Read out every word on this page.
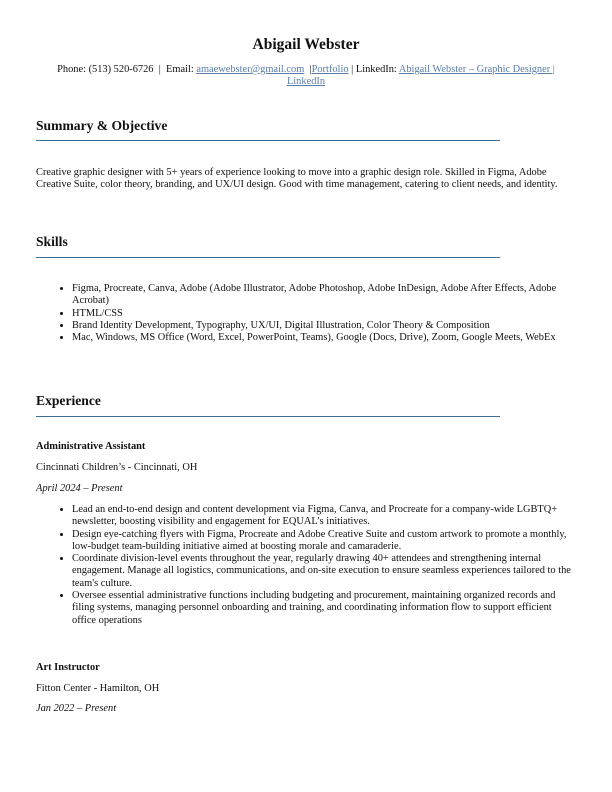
Abigail Webster
Phone: (513) 520-6726 | Email: amaewebster@gmail.com |Portfolio | LinkedIn: Abigail Webster – Graphic Designer | LinkedIn
Summary & Objective
Creative graphic designer with 5+ years of experience looking to move into a graphic design role. Skilled in Figma, Adobe Creative Suite, color theory, branding, and UX/UI design. Good with time management, catering to client needs, and identity.
Skills
• Figma, Procreate, Canva, Adobe (Adobe Illustrator, Adobe Photoshop, Adobe InDesign, Adobe After Effects, Adobe Acrobat)
• HTML/CSS
• Brand Identity Development, Typography, UX/UI, Digital Illustration, Color Theory & Composition
• Mac, Windows, MS Office (Word, Excel, PowerPoint, Teams), Google (Docs, Drive), Zoom, Google Meets, WebEx
Experience
Administrative Assistant
Cincinnati Children’s - Cincinnati, OH
April 2024 – Present
• Lead an end-to-end design and content development via Figma, Canva, and Procreate for a company-wide LGBTQ+ newsletter, boosting visibility and engagement for EQUAL’s initiatives.
• Design eye-catching flyers with Figma, Procreate and Adobe Creative Suite and custom artwork to promote a monthly, low-budget team-building initiative aimed at boosting morale and camaraderie.
• Coordinate division-level events throughout the year, regularly drawing 40+ attendees and strengthening internal engagement. Manage all logistics, communications, and on-site execution to ensure seamless experiences tailored to the team's culture.
• Oversee essential administrative functions including budgeting and procurement, maintaining organized records and filing systems, managing personnel onboarding and training, and coordinating information flow to support efficient office operations
Art Instructor
Fitton Center - Hamilton, OH
Jan 2022 – Present
